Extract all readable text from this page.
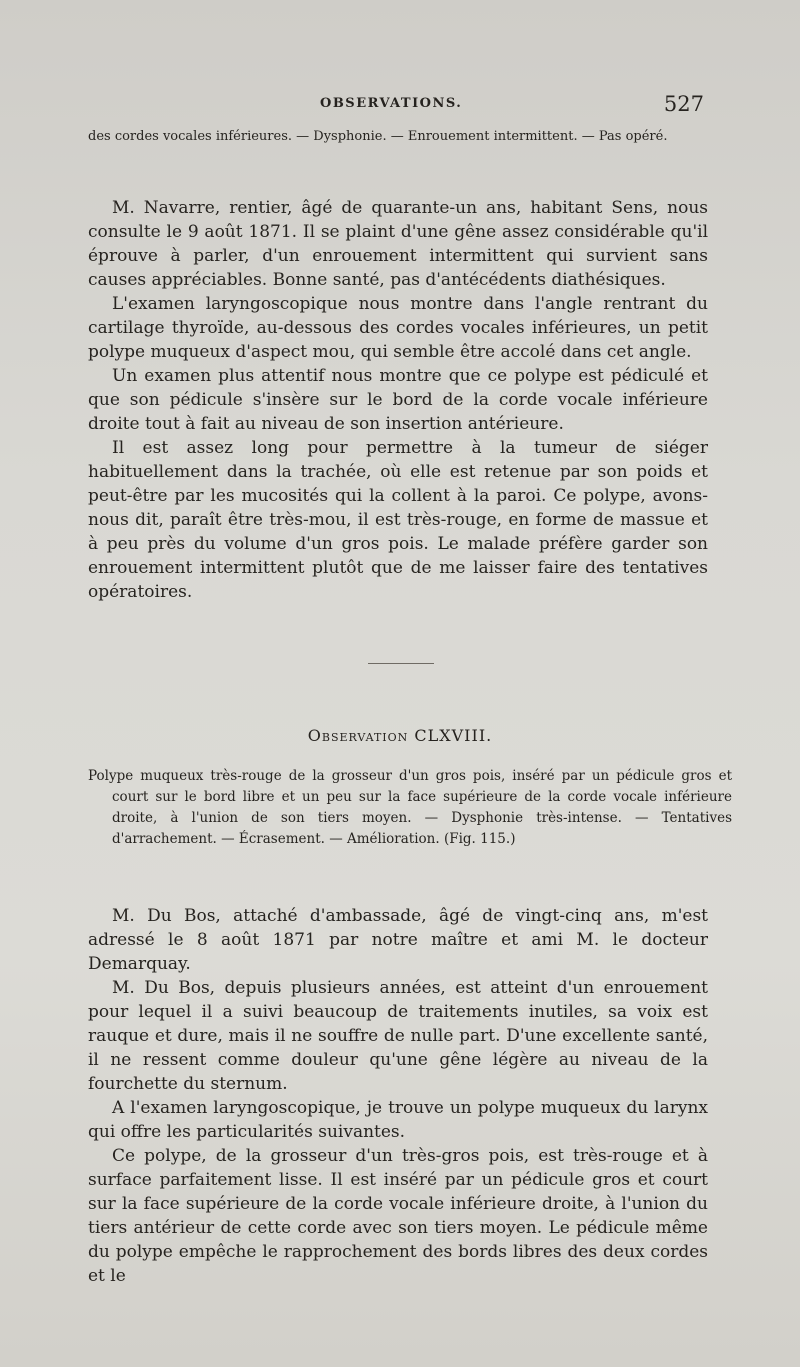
OBSERVATIONS.	527
des cordes vocales inférieures. — Dysphonie. — Enrouement intermittent. — Pas opéré.

M. Navarre, rentier, âgé de quarante-un ans, habitant Sens, nous consulte le 9 août 1871. Il se plaint d'une gêne assez considérable qu'il éprouve à parler, d'un enrouement intermittent qui survient sans causes appréciables. Bonne santé, pas d'antécédents diathésiques.

L'examen laryngoscopique nous montre dans l'angle rentrant du cartilage thyroïde, au-dessous des cordes vocales inférieures, un petit polype muqueux d'aspect mou, qui semble être accolé dans cet angle.

Un examen plus attentif nous montre que ce polype est pédiculé et que son pédicule s'insère sur le bord de la corde vocale inférieure droite tout à fait au niveau de son insertion antérieure.

Il est assez long pour permettre à la tumeur de siéger habituellement dans la trachée, où elle est retenue par son poids et peut-être par les mucosités qui la collent à la paroi. Ce polype, avons-nous dit, paraît être très-mou, il est très-rouge, en forme de massue et à peu près du volume d'un gros pois. Le malade préfère garder son enrouement intermittent plutôt que de me laisser faire des tentatives opératoires.

Observation CLXVIII.
Polype muqueux très-rouge de la grosseur d'un gros pois, inséré par un pédicule gros et court sur le bord libre et un peu sur la face supérieure de la corde vocale inférieure droite, à l'union de son tiers moyen. — Dysphonie très-intense. — Tentatives d'arrachement. — Écrasement. — Amélioration. (Fig. 115.)

M. Du Bos, attaché d'ambassade, âgé de vingt-cinq ans, m'est adressé le 8 août 1871 par notre maître et ami M. le docteur Demarquay.

M. Du Bos, depuis plusieurs années, est atteint d'un enrouement pour lequel il a suivi beaucoup de traitements inutiles, sa voix est rauque et dure, mais il ne souffre de nulle part. D'une excellente santé, il ne ressent comme douleur qu'une gêne légère au niveau de la fourchette du sternum.

A l'examen laryngoscopique, je trouve un polype muqueux du larynx qui offre les particularités suivantes.

Ce polype, de la grosseur d'un très-gros pois, est très-rouge et à surface parfaitement lisse. Il est inséré par un pédicule gros et court sur la face supérieure de la corde vocale inférieure droite, à l'union du tiers antérieur de cette corde avec son tiers moyen. Le pédicule même du polype empêche le rapprochement des bords libres des deux cordes et le
